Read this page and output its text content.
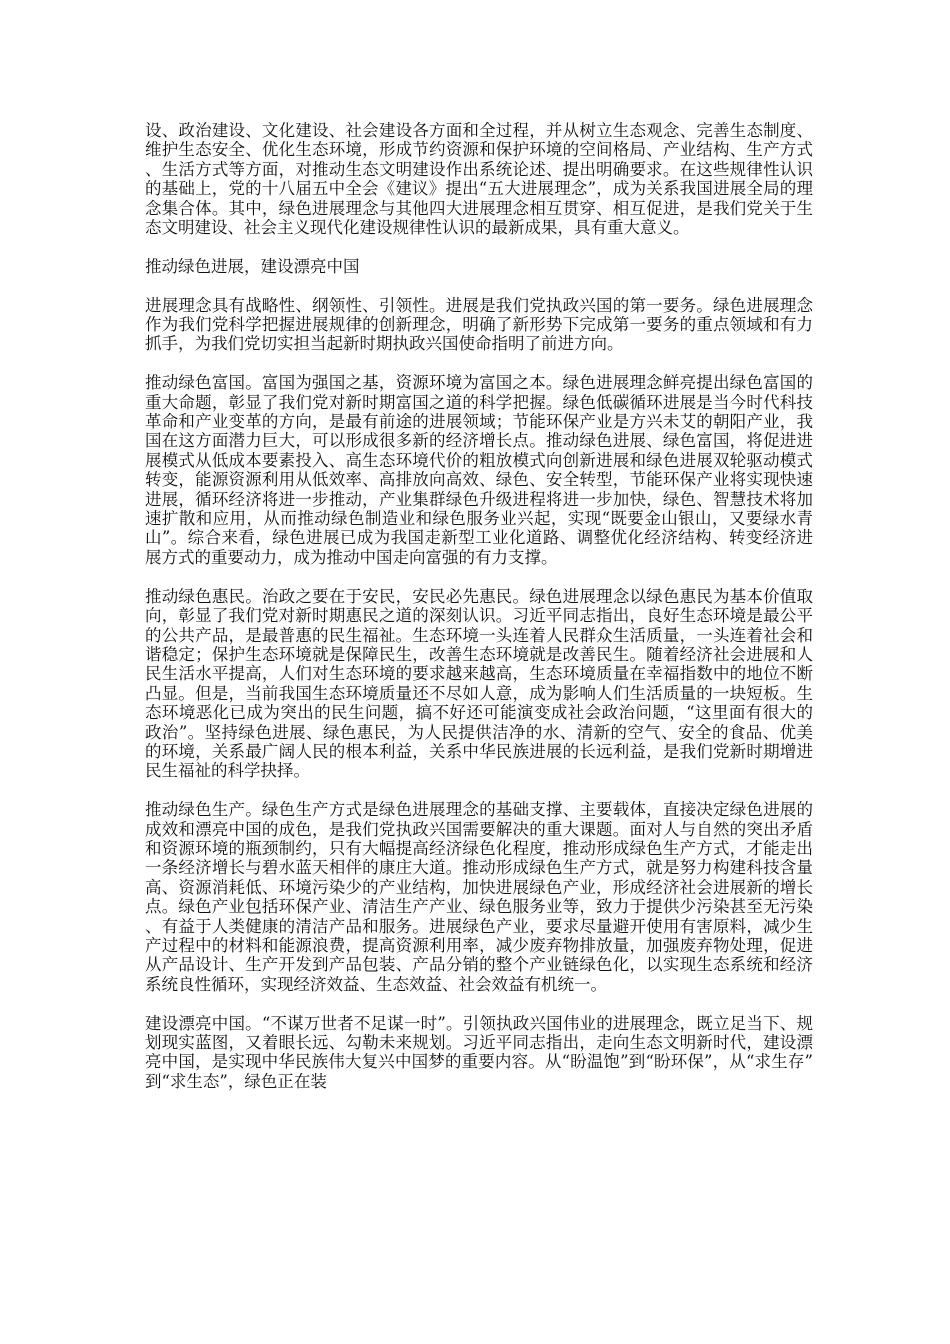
设、政治建设、文化建设、社会建设各方面和全过程，并从树立生态观念、完善生态制度、维护生态安全、优化生态环境，形成节约资源和保护环境的空间格局、产业结构、生产方式、生活方式等方面，对推动生态文明建设作出系统论述、提出明确要求。在这些规律性认识的基础上，党的十八届五中全会《建议》提出“五大进展理念”，成为关系我国进展全局的理念集合体。其中，绿色进展理念与其他四大进展理念相互贯穿、相互促进，是我们党关于生态文明建设、社会主义现代化建设规律性认识的最新成果，具有重大意义。

推动绿色进展，建设漂亮中国

进展理念具有战略性、纲领性、引领性。进展是我们党执政兴国的第一要务。绿色进展理念作为我们党科学把握进展规律的创新理念，明确了新形势下完成第一要务的重点领域和有力抓手，为我们党切实担当起新时期执政兴国使命指明了前进方向。

推动绿色富国。富国为强国之基，资源环境为富国之本。绿色进展理念鲜亮提出绿色富国的重大命题，彰显了我们党对新时期富国之道的科学把握。绿色低碳循环进展是当今时代科技革命和产业变革的方向，是最有前途的进展领域；节能环保产业是方兴未艾的朝阳产业，我国在这方面潜力巨大，可以形成很多新的经济增长点。推动绿色进展、绿色富国，将促进进展模式从低成本要素投入、高生态环境代价的粗放模式向创新进展和绿色进展双轮驱动模式转变，能源资源利用从低效率、高排放向高效、绿色、安全转型，节能环保产业将实现快速进展，循环经济将进一步推动，产业集群绿色升级进程将进一步加快，绿色、智慧技术将加速扩散和应用，从而推动绿色制造业和绿色服务业兴起，实现“既要金山银山，又要绿水青山”。综合来看，绿色进展已成为我国走新型工业化道路、调整优化经济结构、转变经济进展方式的重要动力，成为推动中国走向富强的有力支撑。

推动绿色惠民。治政之要在于安民，安民必先惠民。绿色进展理念以绿色惠民为基本价值取向，彰显了我们党对新时期惠民之道的深刻认识。习近平同志指出，良好生态环境是最公平的公共产品，是最普惠的民生福祉。生态环境一头连着人民群众生活质量，一头连着社会和谐稳定；保护生态环境就是保障民生，改善生态环境就是改善民生。随着经济社会进展和人民生活水平提高，人们对生态环境的要求越来越高，生态环境质量在幸福指数中的地位不断凸显。但是，当前我国生态环境质量还不尽如人意，成为影响人们生活质量的一块短板。生态环境恶化已成为突出的民生问题，搞不好还可能演变成社会政治问题，“这里面有很大的政治”。坚持绿色进展、绿色惠民，为人民提供洁净的水、清新的空气、安全的食品、优美的环境，关系最广阔人民的根本利益，关系中华民族进展的长远利益，是我们党新时期增进民生福祉的科学抉择。

推动绿色生产。绿色生产方式是绿色进展理念的基础支撑、主要载体，直接决定绿色进展的成效和漂亮中国的成色，是我们党执政兴国需要解决的重大课题。面对人与自然的突出矛盾和资源环境的瓶颈制约，只有大幅提高经济绿色化程度，推动形成绿色生产方式，才能走出一条经济增长与碧水蓝天相伴的康庄大道。推动形成绿色生产方式，就是努力构建科技含量高、资源消耗低、环境污染少的产业结构，加快进展绿色产业，形成经济社会进展新的增长点。绿色产业包括环保产业、清洁生产产业、绿色服务业等，致力于提供少污染甚至无污染、有益于人类健康的清洁产品和服务。进展绿色产业，要求尽量避开使用有害原料，减少生产过程中的材料和能源浪费，提高资源利用率，减少废弃物排放量，加强废弃物处理，促进从产品设计、生产开发到产品包装、产品分销的整个产业链绿色化，以实现生态系统和经济系统良性循环，实现经济效益、生态效益、社会效益有机统一。

建设漂亮中国。“不谋万世者不足谋一时”。引领执政兴国伟业的进展理念，既立足当下、规划现实蓝图，又着眼长远、勾勒未来规划。习近平同志指出，走向生态文明新时代，建设漂亮中国，是实现中华民族伟大复兴中国梦的重要内容。从“盼温饱”到“盼环保”，从“求生存”到“求生态”，绿色正在装
